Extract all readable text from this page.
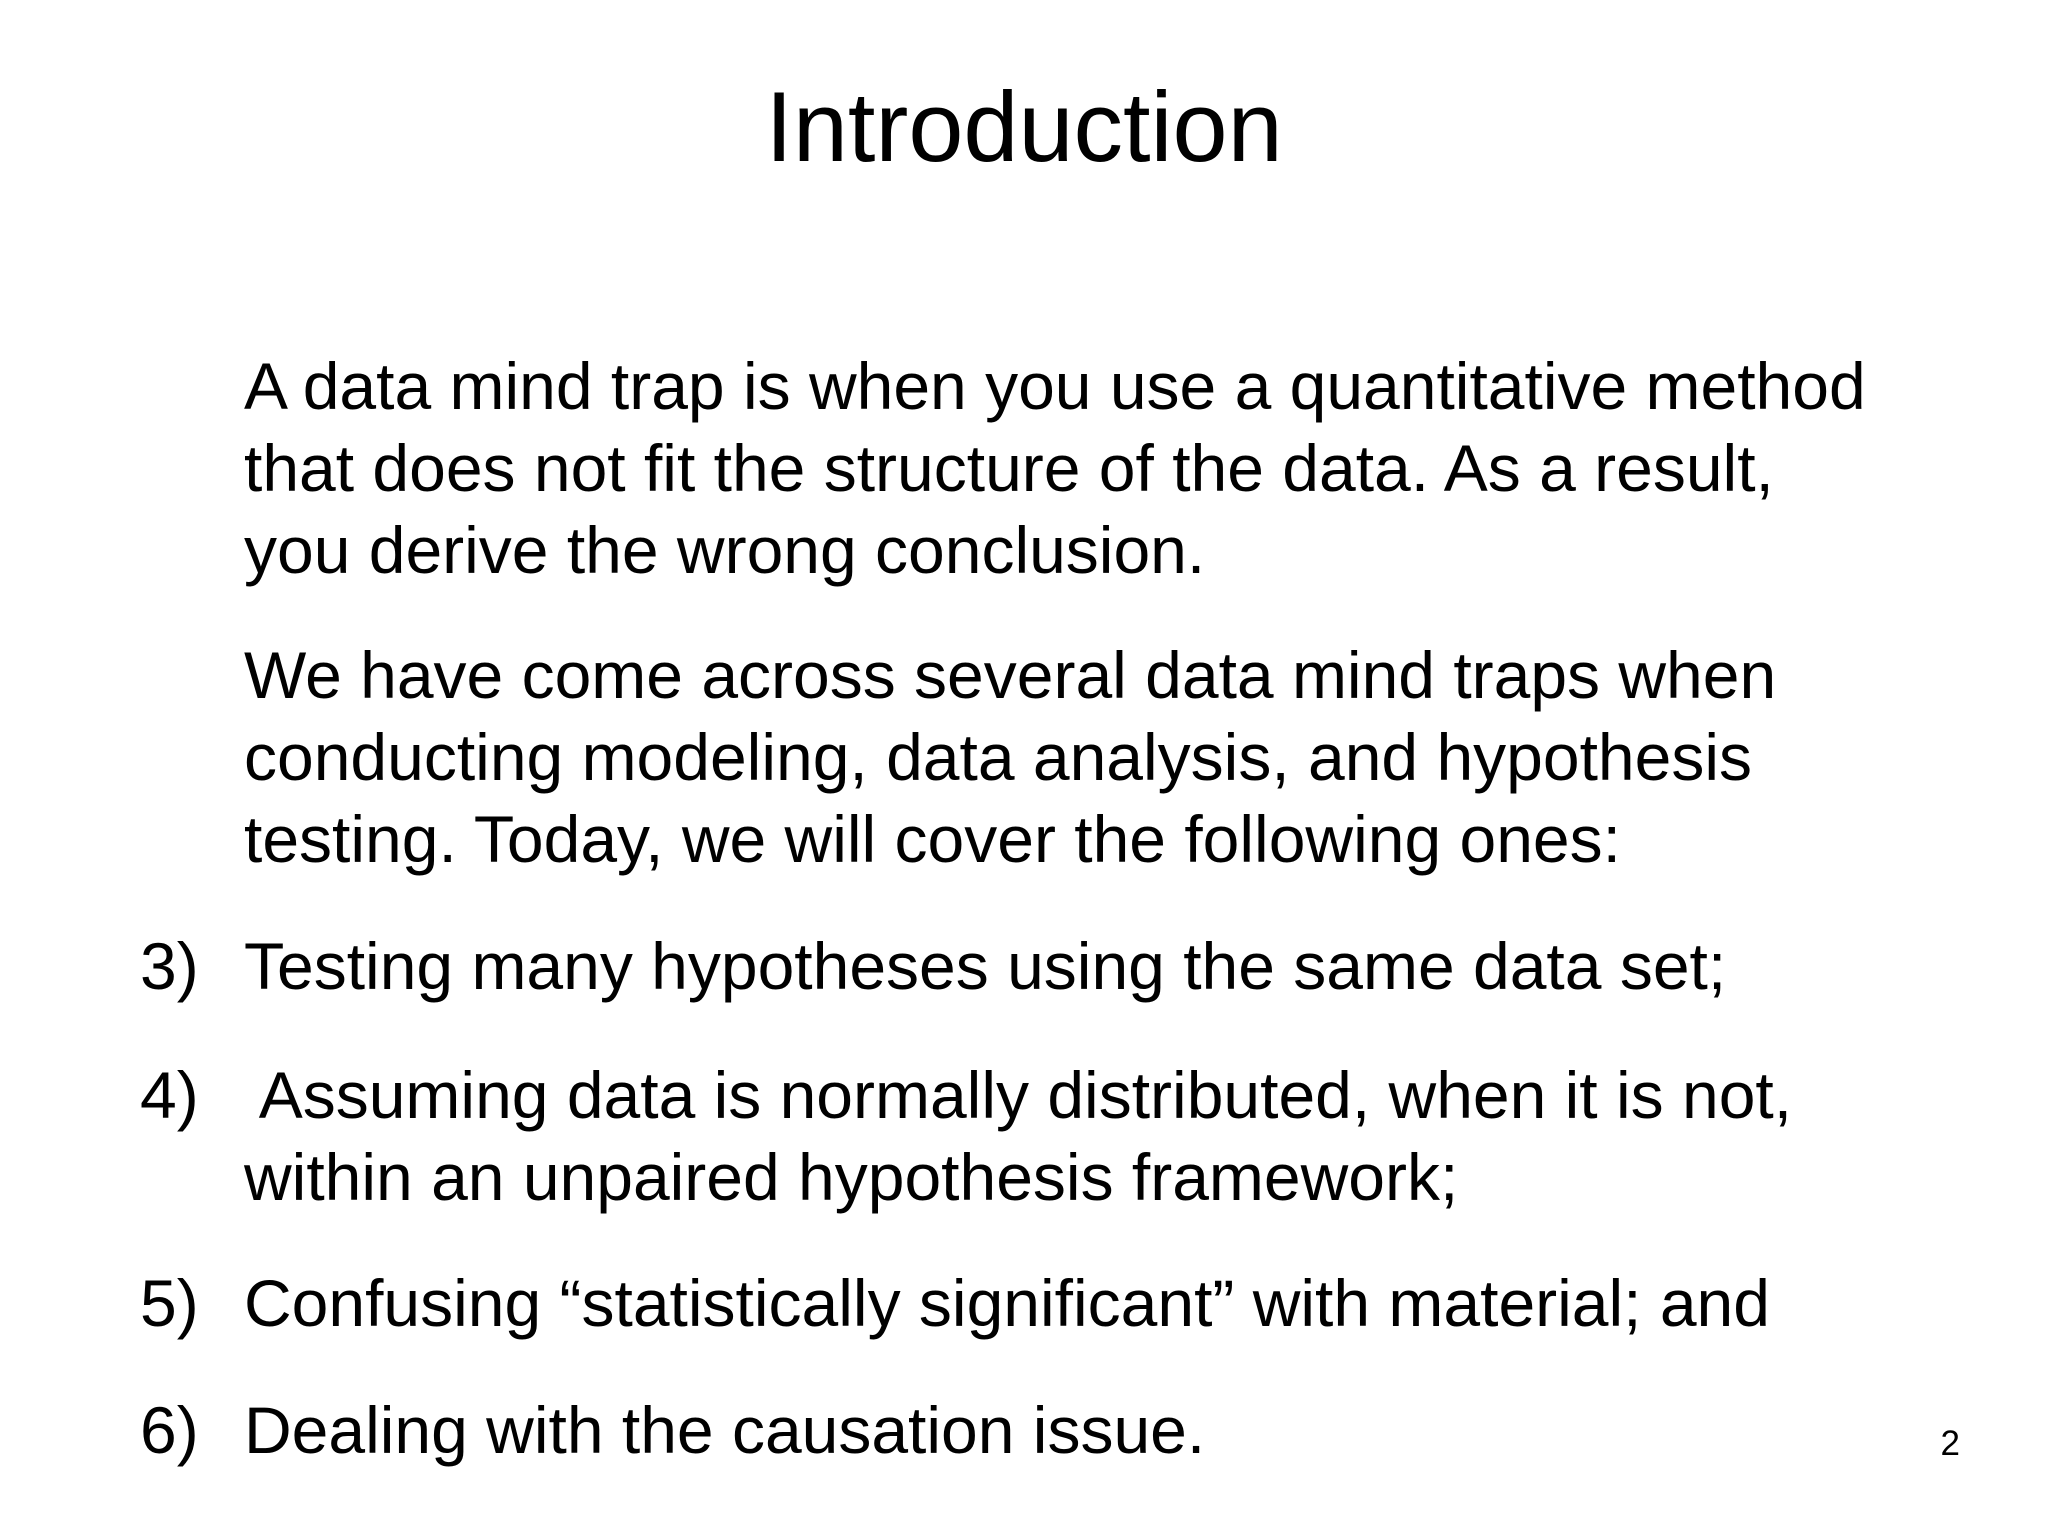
Introduction

A data mind trap is when you use a quantitative method
that does not fit the structure of the data. As a result,
you derive the wrong conclusion.

We have come across several data mind traps when
conducting modeling, data analysis, and hypothesis
testing. Today, we will cover the following ones:

3) Testing many hypotheses using the same data set;
4) Assuming data is normally distributed, when it is not,
within an unpaired hypothesis framework;
5) Confusing “statistically significant” with material; and
6) Dealing with the causation issue.	2
